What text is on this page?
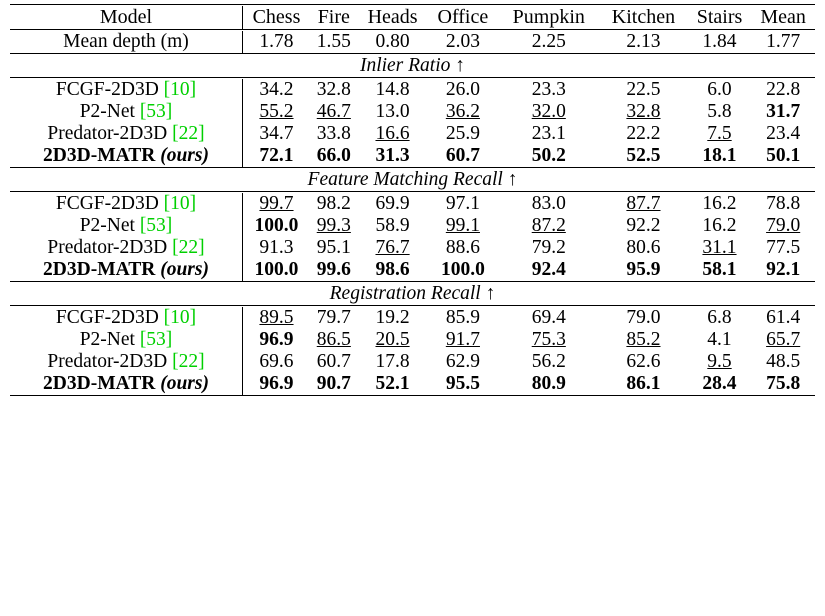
Model	Chess	Fire	Heads	Office	Pumpkin	Kitchen	Stairs	Mean

Mean depth (m)	1.78	1.55	0.80	2.03	2.25	2.13	1.84	1.77

Inlier Ratio ↑								

FCGF-2D3D [10]	34.2	32.8	14.8	26.0	23.3	22.5	6.0	22.8
P2-Net [53]	55.2	46.7	13.0	36.2	32.0	32.8	5.8	31.7
Predator-2D3D [22]	34.7	33.8	16.6	25.9	23.1	22.2	7.5	23.4
2D3D-MATR (ours)	72.1	66.0	31.3	60.7	50.2	52.5	18.1	50.1

Feature Matching Recall ↑								

FCGF-2D3D [10]	99.7	98.2	69.9	97.1	83.0	87.7	16.2	78.8
P2-Net [53]	100.0	99.3	58.9	99.1	87.2	92.2	16.2	79.0
Predator-2D3D [22]	91.3	95.1	76.7	88.6	79.2	80.6	31.1	77.5
2D3D-MATR (ours)	100.0	99.6	98.6	100.0	92.4	95.9	58.1	92.1

Registration Recall ↑								

FCGF-2D3D [10]	89.5	79.7	19.2	85.9	69.4	79.0	6.8	61.4
P2-Net [53]	96.9	86.5	20.5	91.7	75.3	85.2	4.1	65.7
Predator-2D3D [22]	69.6	60.7	17.8	62.9	56.2	62.6	9.5	48.5
2D3D-MATR (ours)	96.9	90.7	52.1	95.5	80.9	86.1	28.4	75.8
